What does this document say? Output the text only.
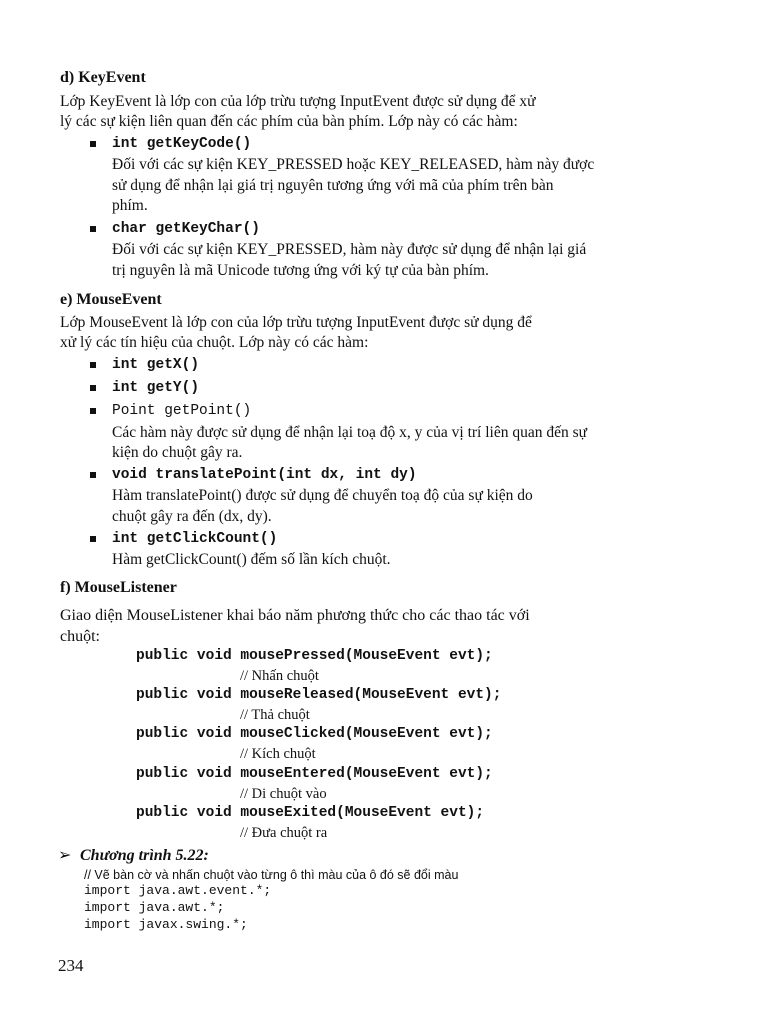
d) KeyEvent
Lớp KeyEvent là lớp con của lớp trừu tượng InputEvent được sử dụng để xử
lý các sự kiện liên quan đến các phím của bàn phím. Lớp này có các hàm:
int getKeyCode()
Đối với các sự kiện KEY_PRESSED hoặc KEY_RELEASED, hàm này được
sử dụng để nhận lại giá trị nguyên tương ứng với mã của phím trên bàn
phím.
char getKeyChar()
Đối với các sự kiện KEY_PRESSED, hàm này được sử dụng để nhận lại giá
trị nguyên là mã Unicode tương ứng với ký tự của bàn phím.
e) MouseEvent
Lớp MouseEvent là lớp con của lớp trừu tượng InputEvent được sử dụng để
xử lý các tín hiệu của chuột. Lớp này có các hàm:
int getX()
int getY()
Point getPoint()
Các hàm này được sử dụng để nhận lại toạ độ x, y của vị trí liên quan đến sự
kiện do chuột gây ra.
void translatePoint(int dx, int dy)
Hàm translatePoint() được sử dụng để chuyển toạ độ của sự kiện do
chuột gây ra đến (dx, dy).
int getClickCount()
Hàm getClickCount() đếm số lần kích chuột.
f) MouseListener
Giao diện MouseListener khai báo năm phương thức cho các thao tác với
chuột:
public void mousePressed(MouseEvent evt);
// Nhấn chuột
public void mouseReleased(MouseEvent evt);
// Thả chuột
public void mouseClicked(MouseEvent evt);
// Kích chuột
public void mouseEntered(MouseEvent evt);
// Di chuột vào
public void mouseExited(MouseEvent evt);
// Đưa chuột ra
➢ Chương trình 5.22:
// Vẽ bàn cờ và nhấn chuột vào từng ô thì màu của ô đó sẽ đổi màu
import java.awt.event.*;
import java.awt.*;
import javax.swing.*;
234
